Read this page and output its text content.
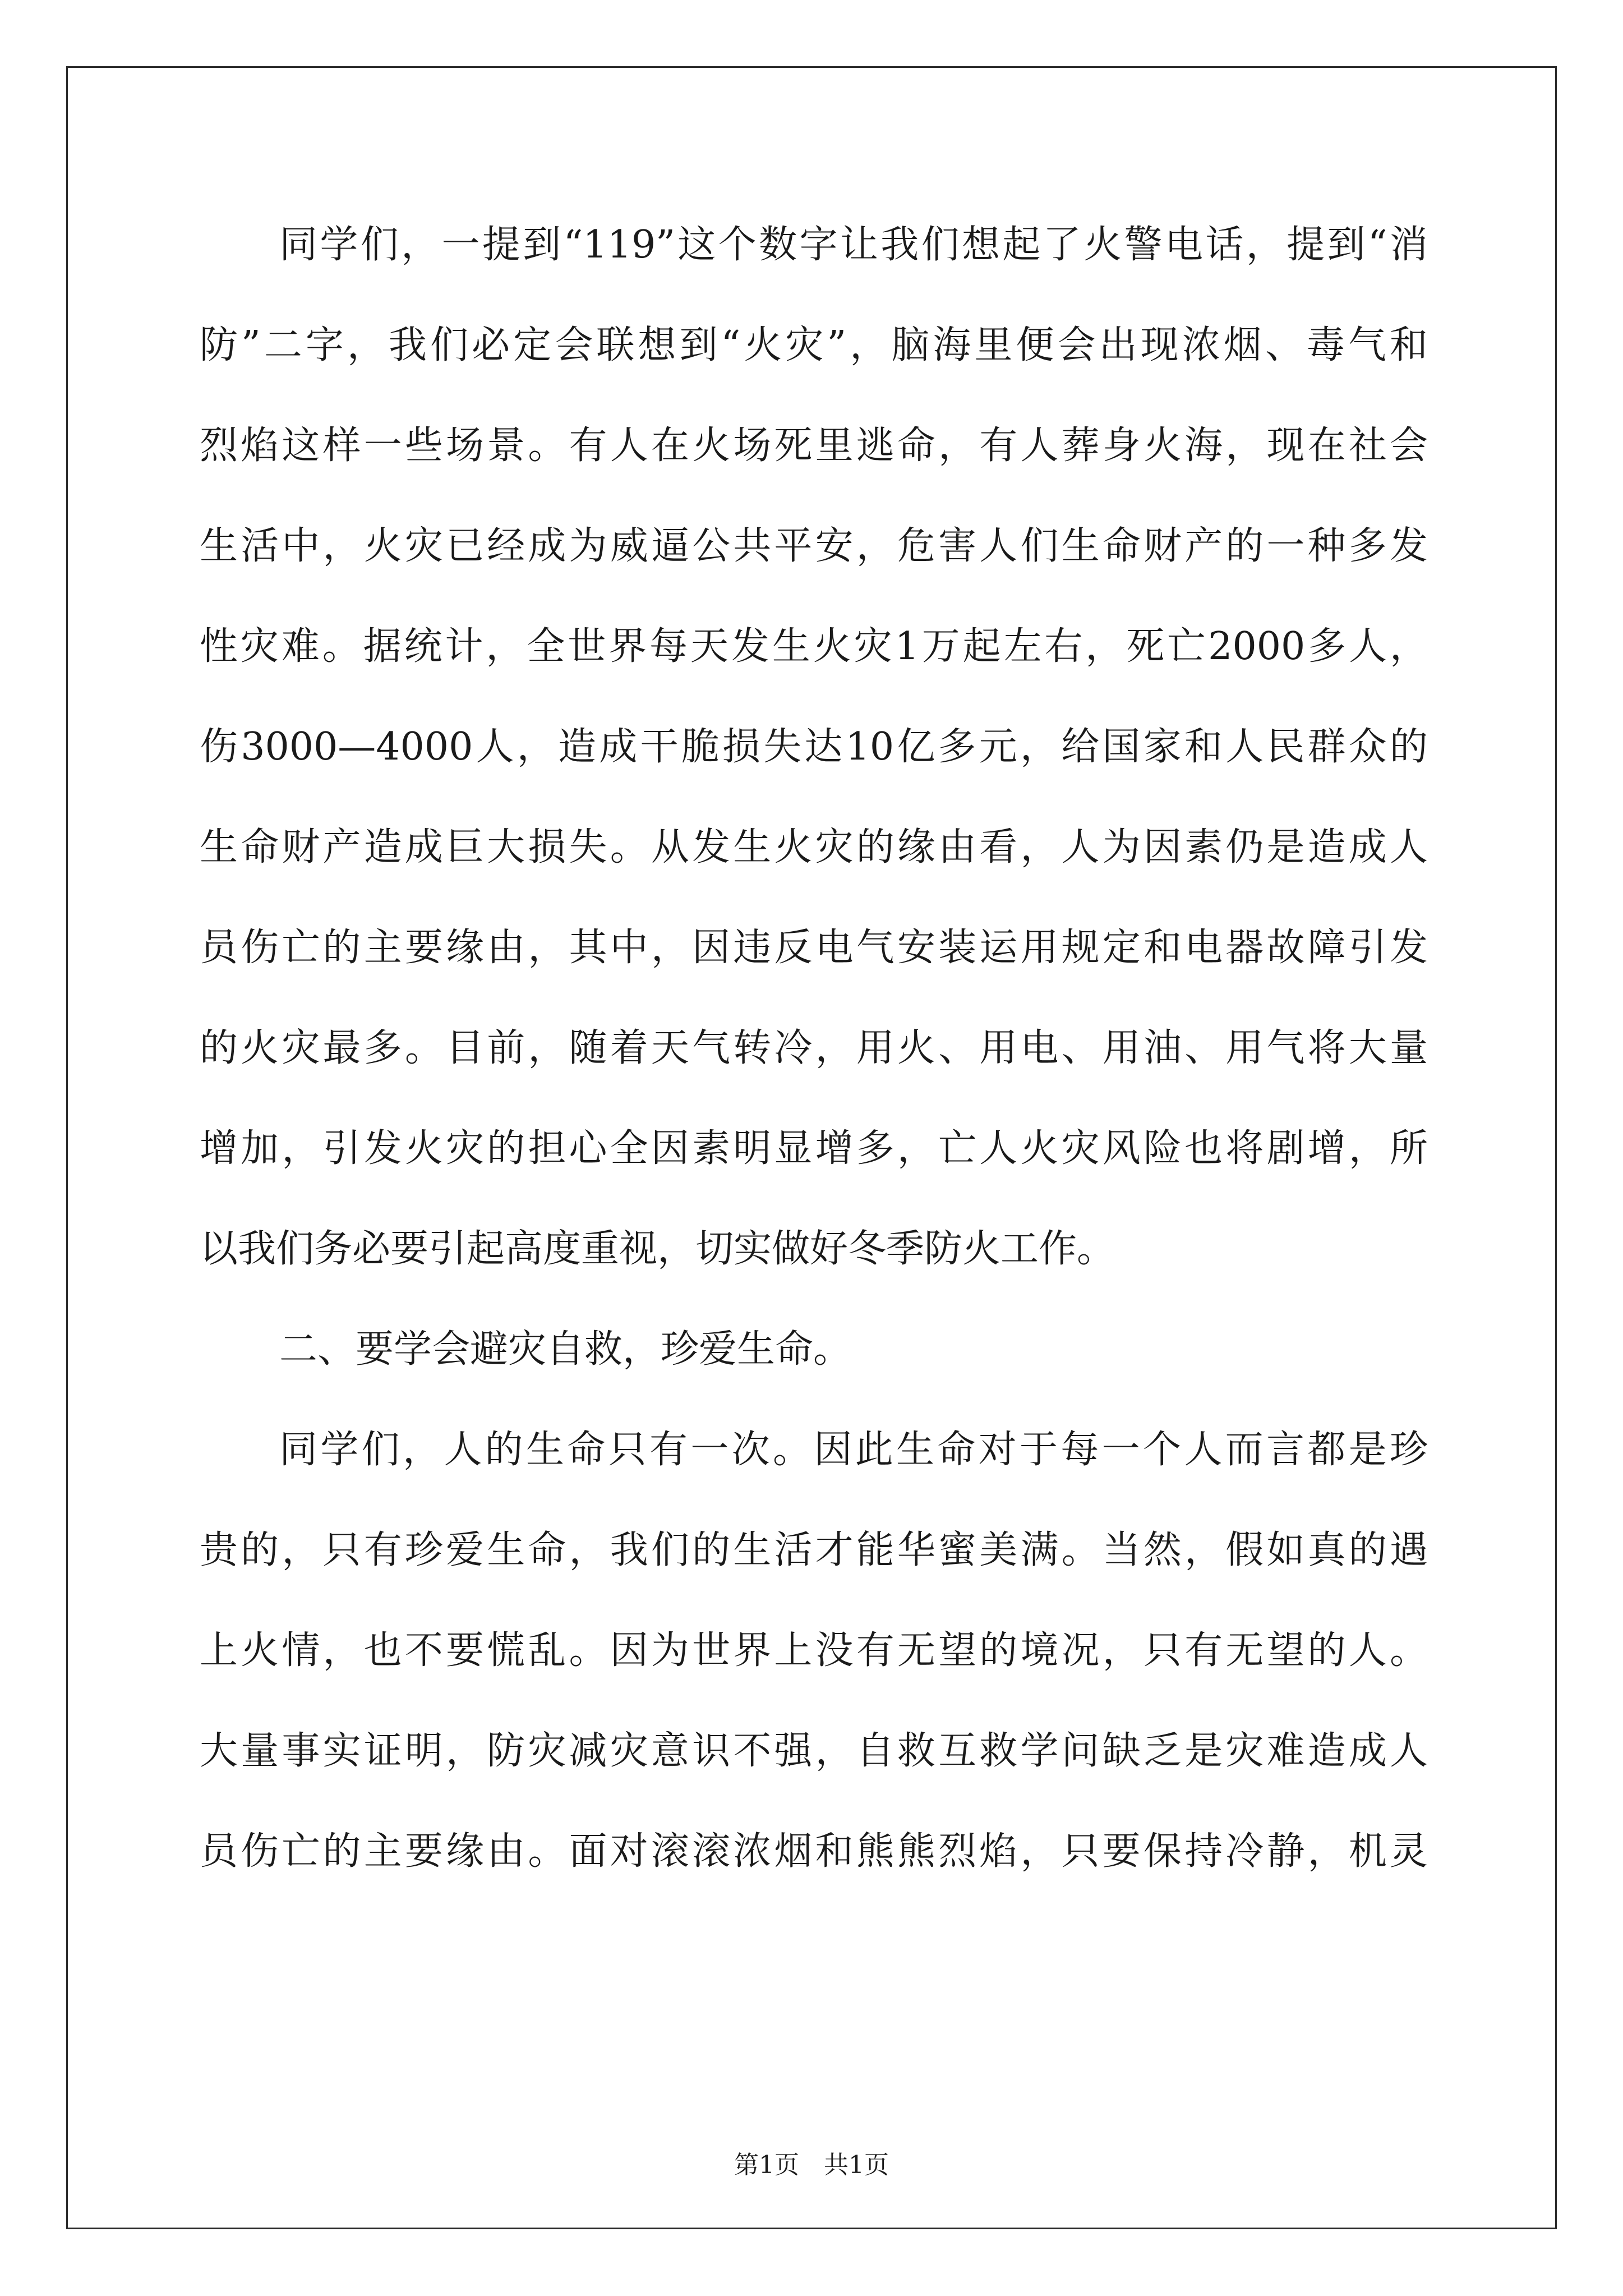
同学们，一提到“119”这个数字让我们想起了火警电话，提到“消
防”二字，我们必定会联想到“火灾”，脑海里便会出现浓烟、毒气和
烈焰这样一些场景。有人在火场死里逃命，有人葬身火海，现在社会
生活中，火灾已经成为威逼公共平安，危害人们生命财产的一种多发
性灾难。据统计，全世界每天发生火灾1万起左右，死亡2000多人，
伤3000—4000人，造成干脆损失达10亿多元，给国家和人民群众的
生命财产造成巨大损失。从发生火灾的缘由看，人为因素仍是造成人
员伤亡的主要缘由，其中，因违反电气安装运用规定和电器故障引发
的火灾最多。目前，随着天气转冷，用火、用电、用油、用气将大量
增加，引发火灾的担心全因素明显增多，亡人火灾风险也将剧增，所
以我们务必要引起高度重视，切实做好冬季防火工作。
二、要学会避灾自救，珍爱生命。
同学们，人的生命只有一次。因此生命对于每一个人而言都是珍
贵的，只有珍爱生命，我们的生活才能华蜜美满。当然，假如真的遇
上火情，也不要慌乱。因为世界上没有无望的境况，只有无望的人。
大量事实证明，防灾减灾意识不强，自救互救学问缺乏是灾难造成人
员伤亡的主要缘由。面对滚滚浓烟和熊熊烈焰，只要保持冷静，机灵
第1页 共1页
